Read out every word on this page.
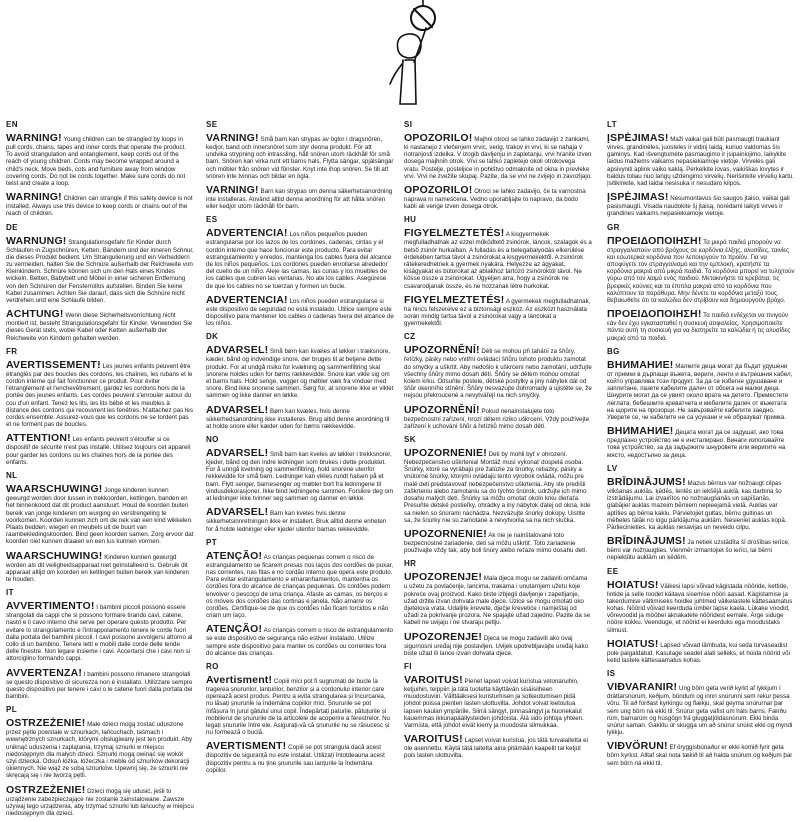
EN
WARNING! Young children can be strangled by loops in pull cords, chains, tapes and inner cords that operate the product. To avoid strangulation and entanglement, keep cords out of the reach of young children. Cords may become wrapped around a child's neck. Move beds, cots and furniture away from window covering cords. Do not tie cords together. Make sure cords do not twist and create a loop.
WARNING! Children can strangle if this safety device is not installed. Always use this device to keep cords or chains out of the reach of children.
DE
WARNUNG! Strangulationsgefahr für Kinder durch Schlaufen in Zugschnüren, Ketten, Bändern und der inneren Schnur, die dieses Produkt bedient. Um Strangulierung und ein Verheddern zu vermeiden, halten Sie die Schnüre außerhalb der Reichweite von Kleinkindern. Schnüre können sich um den Hals eines Kindes wickeln. Betten, Babybett und Möbel in einer sicheren Entfernung von den Schnüren der Fensterrollos aufstellen. Binden Sie keine Kabel zusammen. Achten Sie darauf, dass sich die Schnüre nicht verdrehen und eine Schlaufe bilden.
ACHTUNG! Wenn diese Sicherheitsvorrichtung nicht montiert ist, besteht Strangulationsgefahr für Kinder. Verwenden Sie dieses Gerät stets, wobei Kabel oder Ketten außerhalb der Reichweite von Kindern gehalten werden.
FR
AVERTISSEMENT! Les jeunes enfants peuvent être étranglés par des boucles des cordons, les chaînes, les rubans et le cordon interne qui fait fonctionner ce produit. Pour éviter l'étranglement et l'enchevêtrement, gardez les cordons hors de la portée des jeunes enfants. Les cordes peuvent s'enrouler autour du cou d'un enfant. Tenez les lits, les lits bébé et les meubles à distance des cordons qui recouvrent les fenêtres. N'attachez pas les cordes ensemble. Assurez-vous que les cordons ne se tordent pas et ne forment pas de boucles.
ATTENTION! Les enfants peuvent s'étouffer si ce dispositif de sécurité n'est pas installé. Utilisez toujours cet appareil pour garder les cordons ou les chaînes hors de la portée des enfants.
NL
WAARSCHUWING! Jonge kinderen kunnen gewurgd worden door lussen in trekkoorden, kettingen, banden en het binnenkoord dat dit product aanstuurt. Houd de koorden buiten bereik van jonge kinderen om wurging en verstrengeling te voorkomen. Koorden kunnen zich om de nek van een kind wikkelen. Plaats bedden, wiegen en meubels uit de buurt van raambekledingskoorden. Bind geen koorden samen. Zorg ervoor dat koorden niet kunnen draaien en een lus kunnen vormen.
WAARSCHUWING! Kinderen kunnen gewurgd worden als dit veiligheidsapparaat niet geïnstalleerd is. Gebruik dit apparaat altijd om koorden en kettingen buiten bereik van kinderen te houden.
IT
AVVERTIMENTO! I bambini piccoli possono essere strangolati da cappi che si possono formare tirando cavi, catene, nastri e il cavo interno che serve per operare questo prodotto. Per evitare lo strangolamento e l'intrappolamento tenere le corde fuori dalla portata dei bambini piccoli. I cavi possono avvolgersi attorno al collo di un bambino. Tenere letti e mobili dalle corde delle tende delle finestre. Non legare insieme i cavi. Accertarsi che i cavi non si attorciglino formando cappi.
AVVERTENZA! I bambini possono rimanere strangolati se questo dispositivo di sicurezza non è installato. Utilizzare sempre questo dispositivo per tenere i cavi o le catene fuori dalla portata dei bambini.
PL
OSTRZEŻENIE! Małe dzieci mogą zostać uduszone przez pętle powstałe w sznurkach, łańcuchach, taśmach i wewnętrznych sznurkach, którymi obsługiwany jest ten produkt. Aby uniknąć uduszenia i zaplątania, trzymaj sznurki w miejscu niedostępnym dla małych dzieci. Sznurki mogą owinąć się wokół szyi dziecka. Odsuń łóżka, łóżeczka i meble od sznurków dekoracji okiennych. Nie wiąż ze sobą sznurków. Upewnij się, że sznurki nie skręcają się i nie tworzą pętli.
OSTRZEŻENIE! Dzieci mogą się udusić, jeśli to urządzenie zabezpieczające nie zostanie zainstalowane. Zawsze używaj tego urządzenia, aby trzymać sznurki lub łańcuchy w miejscu niedostępnym dla dzieci.
SE
VARNING! Små barn kan strypas av öglor i dragsnören, kedjor, band och innersnöret som styr denna produkt. För att undvika strypning och intrassling, håll snören utom räckhåll för små barn. Snören kan virka runt ett barns hals. Flytta sängar, spjälsängar och möbler från snören vid fönster. Knyt inte ihop snören. Se till att snören inte tvinnas och bildar en ögla.
VARNING! Barn kan strypas om denna säkerhetsanordning inte installeras. Använd alltid denna anordning för att hålla snören eller kedjor utom räckhåll för barn.
ES
ADVERTENCIA! Los niños pequeños pueden estrangularse por los lazos de los cordones, cadenas, cintas y el cordón interno que hace funcionar este producto. Para evitar estrangulamiento y enredos, mantenga los cables fuera del alcance de los niños pequeños. Los cordones pueden enrollarse alrededor del cuello de un niño. Aleje las camas, las cunas y los muebles de los cables que cubren las ventanas. No ate los cables. Asegúrese de que los cables no se tuerzan y formen un bucle.
ADVERTENCIA! Los niños pueden estrangularse si este dispositivo de seguridad no está instalado. Utilice siempre este dispositivo para mantener los cables o cadenas fuera del alcance de los niños.
DK
ADVARSEL! Små børn kan kvæles af løkker i træksnore, kæder, bånd og indvendige snore, der bruges til at betjene dette produkt. For at undgå risiko for kvælning og sammenfiltring skal snorene holdes uden for børns rækkevidde. Snore kan vikle sig om et barns hals. Hold senge, vugger og møbler væk fra vinduer med snore. Bind ikke snorene sammen. Sørg for, at snorene ikke er viklet sammen og ikke danner en løkke.
ADVARSEL! Børn kan kvæles, hvis denne sikkerhedsanordning ikke installeres. Brug altid denne anordning til at holde snore eller kæder uden for børns rækkevidde.
NO
ADVARSEL! Små barn kan kveles av løkker i trekksnorer, kjeder, bånd og den indre ledningen som brukes i dette produktet. For å unngå kvelning og sammenfiltring, hold snorene utenfor rekkevidde for små barn. Ledninger kan vikles rundt halsen på et barn. Flytt senger, barnesenger og møbler bort fra ledningene til vindusdekorasjoner. Ikke bind ledningene sammen. Forsikre deg om at ledninger ikke tvinner seg sammen og danner en løkke.
ADVARSEL! Barn kan kveles hvis denne sikkerhetsinnretningen ikke er installert. Bruk alltid denne enheten for å holde ledninger eller kjeder utenfor barnas rekkevidde.
PT
ATENÇÃO! As crianças pequenas correm o risco de estrangulamento se ficarem presas nos laços dos cordões de puxar, nas correntes, nas fitas e no cordão interno que opera este produto. Para evitar estrangulamento e emaranhamentos, mantenha os cordões fora do alcance de crianças pequenas. Os cordões podem envolver o pescoço de uma criança. Afaste as camas, os berços e os móveis dos cordões das cortinas e janela. Não amarre os cordões. Certifique-se de que os cordões não ficam torcidos e não criam um laço.
ATENÇÃO! As crianças correm o risco de estrangulamento se este dispositivo de segurança não estiver instalado. Utilize sempre este dispositivo para manter os cordões ou correntes fora do alcance das crianças.
RO
Avertisment! Copiii mici pot fi sugrumați de bucle la tragerea șnururilor, lanțurilor, benzilor și a cordonului interior care operează acest produs. Pentru a evita strangularea și încurcarea, nu lăsați șnururile la îndemâna copiilor mici. Șnururile se pot înfășura în jurul gâtului unui copil. Îndepărtați paturile, pătuțurile și mobilierul de șnururile de la articolele de acoperire a ferestrelor. Nu legați șnururile între ele. Asigurați-vă că șnururile nu se răsucesc și nu formează o buclă.
AVERTISMENT! Copiii se pot strangula dacă acest dispozitiv de siguranță nu este instalat. Utilizați întotdeauna acest dispozitiv pentru a nu ține șnururile sau lanțurile la îndemâna copiilor.
SI
OPOZORILO! Majhni otroci se lahko zadavijo z zankami, ki nastanejo z vlečenjem vrvic, verig, trakov in vrvi, ki se nahaja v notranjosti izdelka. V izogib davljenju in zapletanju, vrvi hranite izven dosega majhnih otrok. Vrvi se lahko zapletejo okoli otrokovega vratu. Postelje, posteljice in pohištvo odmaknite od okna in prevleke vrvi. Vrvi ne zvežite skupaj. Pazite, da se vrvi ne zvijejo in zavozljajo.
OPOZORILO! Otroci se lahko zadavijo, če ta varnostna naprava ni nameščena. Vedno uporabljajte to napravo, da bodo kabli ali verige izven dosega otrok.
HU
FIGYELMEZTETÉS! A kisgyermekek megfulladhatnak az ezzel működtető zsinórok, láncok, szalagok és a belső zsinór hurkaiban. A fulladás és a belegabalyodás elkerülése érdekében tartsa távol a zsinórokat a kisgyermekektől. A zsinórok rátekeredhetnek a gyermek nyakára. Helyezze az ágyakat, kiságyakat és bútorokat az ablakhoz tartozó zsinóroktól távol. Ne kösse össze a zsinórokat. Ügyeljen arra, hogy a zsinórok ne csavarodjanak össze, és ne hozzanak létre hurkokat.
FIGYELMEZTETÉS! A gyermekek megfulladhatnak, ha nincs felszerelve ez a biztonsági eszköz. Az eszközt használata során mindig tartsa távol a zsinórokat vagy a láncokat a gyermekektől.
CZ
UPOZORNĚNÍ! Děti se mohou při tahání za šňůry, řetízky, pásky nebo vnitřní ovládací šňůru tohoto produktu zamotat do smyčky a uškrtit. Aby nedošlo k uškrcení nebo zamotání, udržujte všechny šňůry mimo dosah dětí. Šňůry se dětem mohou omotat kolem krku. Odsuňte postele, dětské postýlky a jiný nábytek dál od šňůr okenního stínění. Šňůry nesvazujte dohromady a ujistěte se, že nejsou překroucené a nevytvářejí na nich smyčky.
UPOZORNĚNÍ! Pokud nenainstalujete toto bezpečnostní zařízení, hrozí dětem riziko uškrcení. Vždy používejte zařízení k uchování šňůr a řetízků mimo dosah dětí.
SK
UPOZORNENIE! Deti by mohli byť v ohrození. Nebezpečenstvo uškrtenia! Montáž musí vykonať dospelá osoba. Šnúrky, ktoré sa vyrábajú pre žalúzie za šnúrky, retiazky, pásky a vnútorné šnúrky, ktorými ovládajú tento výrobok ovládá, môžu pre malé deti predstavovať nebezpečenstvo uškrtenia. Aby ste predišli zaškrteniu alebo zamotaniu sa do týchto šnúrok, udržujte ich mimo dosahu malých detí. Šnúrky sa môžu omotať okolo krku dieťaťa. Presuňte detské postieľky, ohrádky a iný nábytok ďalej od okna, kde sa nielen so šnúrami nachádza. Nezväzujte šnúrky dokopy. Uistite sa, že šnúrky nie sú zamotané a nevytvorila sa na nich slučka.
UPOZORNENIE! Ak nie je nainštalované toto bezpečnostné zariadenie, deti sa môžu uškrtiť. Toto zariadenie používajte vždy tak, aby boli šnúry alebo reťaze mimo dosahu detí.
HR
UPOZORENJE! Mala djeca mogu se zadaviti omčama u užetu za povlačenje, lancima, trakama i unutarnjem užetu koje pokreće ovaj proizvod. Kako biste izbjegli davljenje i zapetljanje, užad držite izvan dohvata male djece. Uzice se mogu omotati oko djetetova vrata. Udaljite krevete, dječje krevetiće i namještaj od užadi za pokrivanje prozora. Ne spajajte užad zajedno. Pazite da se kabeli ne uvijaju i ne stvaraju petlju.
UPOZORENJE! Djeca se mogu zadaviti ako ovaj sigurnosni uređaj nije postavljen. Uvijek upotrebljavajte uređaj kako biste užad ili lance izvan dohvata djece.
FI
VAROITUS! Pienet lapset voivat kuristua vetonaruihin, ketjuihin, teippiin ja tätä tuotetta käyttävän sisäisiiheen muodostuviin. Välttääksesi kuristumisen ja sotkeutumisen pidä johdot poissa pienten lasten ulottuvilta. Johdot voivat kietoutua lapsen kaulan ympärille. Siirrä sängyt, pinnasängyt ja huonekalut kauemmas ikkunapäällysteiden johdoista. Älä sido johtoja yhteen. Varmista, että johdot eivät kierry ja muodosta silmukkaa.
VAROITUS! Lapset voivat kuristua, jos tätä turvalaitetta ei ole asennettu. Käytä tätä laitetta aina pitämään kaapelit tai ketjut pois lasten ulottuvilta.
LT
ĮSPĖJIMAS! Maži vaikai gali būti pasmaugti traukiant virves, grandinėles, juosteles ir vidinį laidą, kuriuo valdomas šis gaminys. Kad išvengtumėte pasmaugimo ir įsipainiojimo, laikykite laidus mažiems vaikams nepasiekiamoje vietoje. Virvelės gali apsivyniti aplink vaiko kaklą. Perkelkite lovas, vaikiškas lovytes ir baldus toliau nuo langų uždengimo virvelių. Nerišinkite virvelių kartu. Įsitikinkite, kad laidai nesisuka ir nesudaro kilpos.
ĮSPĖJIMAS! Nesumontavus šio saugos įtaiso, vaikai gali pasismaugti. Visada naudokite šį įtaisą, norėdami laikyti virves ir grandines vaikams nepasiekiamoje vietoje.
GR
ΠΡΟΕΙΔΟΠΟΙΗΣΗ! Τα μικρά παιδιά μπορούν να στραγγαλιστούν από βρόχους σε κορδόνια έλξης, αλυσίδες, ταινίες και εσωτερικά κορδόνια που λειτουργούν το προϊόν. Για να αποφύγετε τον στραγγαλισμό και την εμπλοκή, κρατήστε τα κορδόνια μακριά από μικρά παιδιά. Τα κορδόνια μπορεί να τυλιχτούν γύρω από τον λαιμό ενός παιδιού. Μετακινήστε τα κρεβάτια, τις βρεφικές κούνιες και τα έπιπλα μακριά από τα κορδόνια που καλύπτουν τα παράθυρα. Μην δένετε τα κορδόνια μεταξύ τους. Βεβαιωθείτε ότι τα καλώδια δεν στρίβουν και δημιουργούν βρόχο.
ΠΡΟΕΙΔΟΠΟΙΗΣΗ! Τα παιδιά ενδέχεται να πνιγούν εάν δεν έχει εγκατασταθεί η συσκευή ασφαλείας. Χρησιμοποιείτε πάντα αυτή τη συσκευή για να διατηρείτε τα καλώδια ή τις αλυσίδες μακριά από τα παιδιά.
BG
ВНИМАНИЕ! Малките деца могат да бъдат удушени от примки в дърпащи въжета, вериги, ленти и вътрешния кабел, който управлява този продукт. За да се избегне удушаване и заплитане, пазете кабелите далеч от обсега на малки деца. Шнурите могат да се увият около врата на детето. Преместете леглата, бебешките креватчета и мебелите далеч от въжетата на щорите на прозорци. Не завързвайте кабелите заедно. Уверете се, че кабелите не са усукани и не образуват примка.
ВНИМАНИЕ! Децата могат да се задушат, ако това предпазно устройство не е инсталирано. Винаги използвайте това устройство, за да задържите шнуровете или веригите на място, недостъпно за деца.
LV
BRĪDINĀJUMS! Mazus bērnus var nožņaugt cilpas vilkšanas auklās, ķēdēs, lentēs un iekšējā auklā, kas darbina šo izstrādājumu. Lai izvairītos no nožņaugšanās un sapīšanās, glabājiet auklas mazeim bērniem nepieejamā vietā. Auklas var aptīties ap bērna kaklu. Pārvietojiet gultas, bērnu gultiņas un mēbeles tālāk no logu pārklājuma auklām. Nesieniet auklas kopā. Pārliecinieties, ka auklas nesavijas un neveido cilpu.
BRĪDINĀJUMS! Ja netiek uzstādīta šī drošības ierīce, bērni var nožņaugties. Vienmēr izmantojiet šo ierīci, lai bērni nepiekļūtu auklām un ķēdēm.
EE
HOIATUS! Väikesi lapsi võivad kägistada nööride, kettide, lintide ja selle toodet käitava sisemise nööri aasad. Kägistamise ja takerdumise vältimiseks hoidke juhtmed väikelastele kättesaamatus kohas. Nöörid võivad keerduda ümber lapse kaela. Lükake voodid, võrevoodid ja mööbel aknakatete nööridest eemale. Ärge siduge nööre kokku. Veenduge, et nöörid ei keerduks ega moodustaks silmust.
HOIATUS! Lapsed võivad lämbuda, kui seda turvaseadist pole paigaldatud. Kasutage seadet alati selleks, et hoida nöörid või ketid lastele kättesaamatus kohas.
IS
VIÐVARANIR! Ung börn geta verið kyrkt af lykkjum í dráttarsnúrum, keðjum, böndum og innri snúrunni sem rekur þessa vöru. Til að forðast kyrkingu og flækju, skal geyma snúrurnar þar sem ung börn ná ekki til. Snúrur geta vafist um háls barns. Færðu rúm, barnarúm og húsgögn frá gluggatjöldasnúrum. Ekki binda snúrur saman. Gakktu úr skugga um að snúrur snúist ekki og myndi lykkju.
VIÐVÖRUN! Ef öryggisbúnaður er ekki komið fyrir geta börn kyrkst. Alltaf skal nota tækið til að halda snúrum og keðjum þar sem börn ná ekki til.
